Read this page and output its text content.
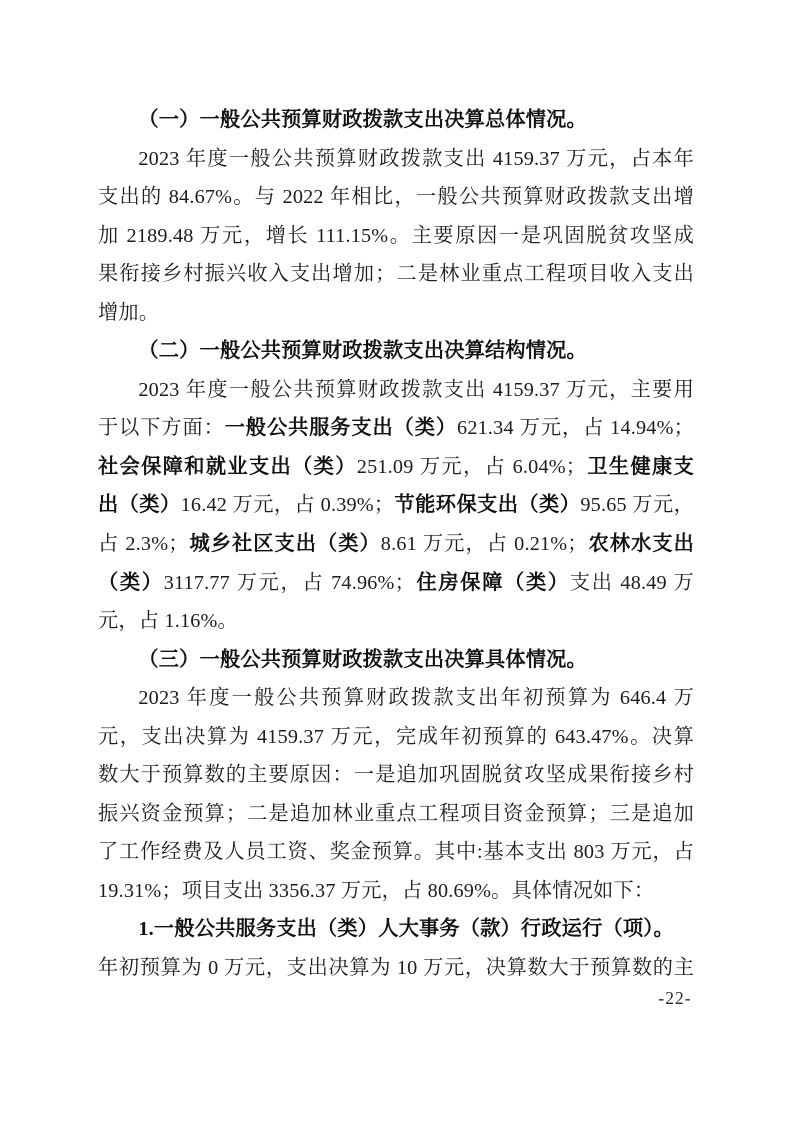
（一）一般公共预算财政拨款支出决算总体情况。
2023 年度一般公共预算财政拨款支出 4159.37 万元，占本年
支出的 84.67%。与 2022 年相比，一般公共预算财政拨款支出增
加 2189.48 万元，增长 111.15%。主要原因一是巩固脱贫攻坚成
果衔接乡村振兴收入支出增加；二是林业重点工程项目收入支出
增加。
（二）一般公共预算财政拨款支出决算结构情况。
2023 年度一般公共预算财政拨款支出 4159.37 万元，主要用
于以下方面：一般公共服务支出（类）621.34 万元，占 14.94%；
社会保障和就业支出（类）251.09 万元，占 6.04%；卫生健康支
出（类）16.42 万元，占 0.39%；节能环保支出（类）95.65 万元，
占 2.3%；城乡社区支出（类）8.61 万元，占 0.21%；农林水支出
（类）3117.77 万元，占 74.96%；住房保障（类）支出 48.49 万
元，占 1.16%。
（三）一般公共预算财政拨款支出决算具体情况。
2023 年度一般公共预算财政拨款支出年初预算为 646.4 万
元，支出决算为 4159.37 万元，完成年初预算的 643.47%。决算
数大于预算数的主要原因：一是追加巩固脱贫攻坚成果衔接乡村
振兴资金预算；二是追加林业重点工程项目资金预算；三是追加
了工作经费及人员工资、奖金预算。其中:基本支出 803 万元，占
19.31%；项目支出 3356.37 万元，占 80.69%。具体情况如下：
1.一般公共服务支出（类）人大事务（款）行政运行（项）。
年初预算为 0 万元，支出决算为 10 万元，决算数大于预算数的主
-22-
